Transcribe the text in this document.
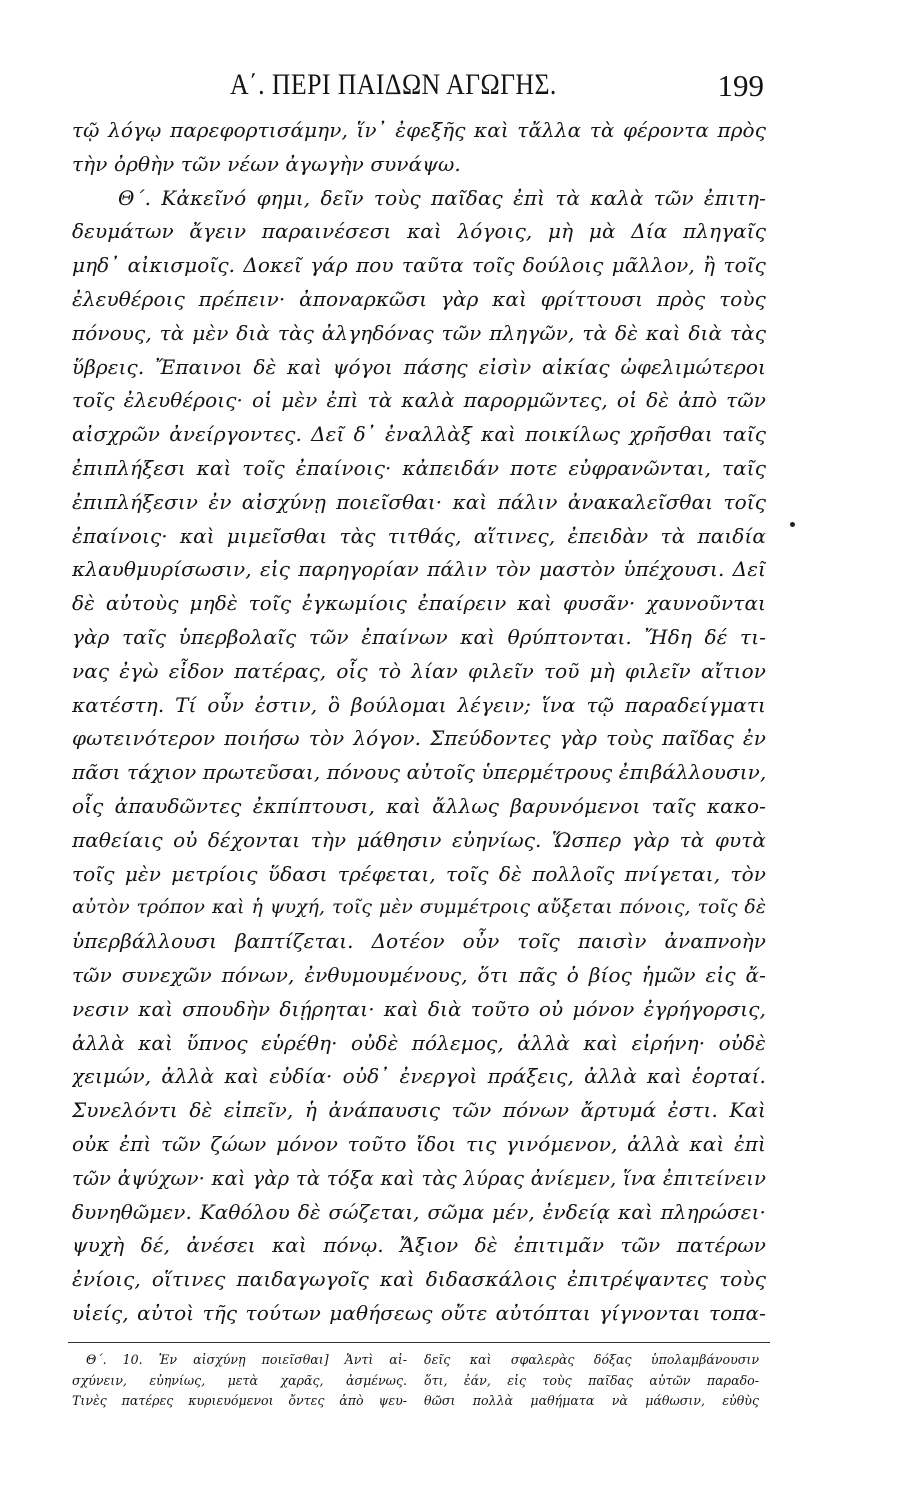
Α΄. ΠΕΡΙ ΠΑΙΔΩΝ ΑΓΩΓΗΣ.	199
τῷ λόγῳ παρεφορτισάμην, ἵν᾽ ἐφεξῆς καὶ τἄλλα τὰ φέροντα πρὸς
τὴν ὀρθὴν τῶν νέων ἀγωγὴν συνάψω.
Θ΄. Κἀκεῖνό φημι, δεῖν τοὺς παῖδας ἐπὶ τὰ καλὰ τῶν ἐπιτη-
δευμάτων ἄγειν παραινέσεσι καὶ λόγοις, μὴ μὰ Δία πληγαῖς
μηδ᾽ αἰκισμοῖς. Δοκεῖ γάρ που ταῦτα τοῖς δούλοις μᾶλλον, ἢ τοῖς
ἐλευθέροις πρέπειν· ἀποναρκῶσι γὰρ καὶ φρίττουσι πρὸς τοὺς
πόνους, τὰ μὲν διὰ τὰς ἀλγηδόνας τῶν πληγῶν, τὰ δὲ καὶ διὰ τὰς
ὕβρεις. Ἔπαινοι δὲ καὶ ψόγοι πάσης εἰσὶν αἰκίας ὠφελιμώτεροι
τοῖς ἐλευθέροις· οἱ μὲν ἐπὶ τὰ καλὰ παρορμῶντες, οἱ δὲ ἀπὸ τῶν
αἰσχρῶν ἀνείργοντες. Δεῖ δ᾽ ἐναλλὰξ καὶ ποικίλως χρῆσθαι ταῖς
ἐπιπλήξεσι καὶ τοῖς ἐπαίνοις· κἀπειδάν ποτε εὐφρανῶνται, ταῖς
ἐπιπλήξεσιν ἐν αἰσχύνῃ ποιεῖσθαι· καὶ πάλιν ἀνακαλεῖσθαι τοῖς
ἐπαίνοις· καὶ μιμεῖσθαι τὰς τιτθάς, αἵτινες, ἐπειδὰν τὰ παιδία
κλαυθμυρίσωσιν, εἰς παρηγορίαν πάλιν τὸν μαστὸν ὑπέχουσι. Δεῖ
δὲ αὐτοὺς μηδὲ τοῖς ἐγκωμίοις ἐπαίρειν καὶ φυσᾶν· χαυνοῦνται
γὰρ ταῖς ὑπερβολαῖς τῶν ἐπαίνων καὶ θρύπτονται. Ἤδη δέ τι-
νας ἐγὼ εἶδον πατέρας, οἷς τὸ λίαν φιλεῖν τοῦ μὴ φιλεῖν αἴτιον
κατέστη. Τί οὖν ἐστιν, ὃ βούλομαι λέγειν; ἵνα τῷ παραδείγματι
φωτεινότερον ποιήσω τὸν λόγον. Σπεύδοντες γὰρ τοὺς παῖδας ἐν
πᾶσι τάχιον πρωτεῦσαι, πόνους αὐτοῖς ὑπερμέτρους ἐπιβάλλουσιν,
οἷς ἀπαυδῶντες ἐκπίπτουσι, καὶ ἄλλως βαρυνόμενοι ταῖς κακο-
παθείαις οὐ δέχονται τὴν μάθησιν εὐηνίως. Ὥσπερ γὰρ τὰ φυτὰ
τοῖς μὲν μετρίοις ὕδασι τρέφεται, τοῖς δὲ πολλοῖς πνίγεται, τὸν
αὐτὸν τρόπον καὶ ἡ ψυχή, τοῖς μὲν συμμέτροις αὔξεται πόνοις, τοῖς δὲ
ὑπερβάλλουσι βαπτίζεται. Δοτέον οὖν τοῖς παισὶν ἀναπνοὴν
τῶν συνεχῶν πόνων, ἐνθυμουμένους, ὅτι πᾶς ὁ βίος ἡμῶν εἰς ἄ-
νεσιν καὶ σπουδὴν διῄρηται· καὶ διὰ τοῦτο οὐ μόνον ἐγρήγορσις,
ἀλλὰ καὶ ὕπνος εὑρέθη· οὐδὲ πόλεμος, ἀλλὰ καὶ εἰρήνη· οὐδὲ
χειμών, ἀλλὰ καὶ εὐδία· οὐδ᾽ ἐνεργοὶ πράξεις, ἀλλὰ καὶ ἑορταί.
Συνελόντι δὲ εἰπεῖν, ἡ ἀνάπαυσις τῶν πόνων ἄρτυμά ἐστι. Καὶ
οὐκ ἐπὶ τῶν ζώων μόνον τοῦτο ἴδοι τις γινόμενον, ἀλλὰ καὶ ἐπὶ
τῶν ἀψύχων· καὶ γὰρ τὰ τόξα καὶ τὰς λύρας ἀνίεμεν, ἵνα ἐπιτείνειν
δυνηθῶμεν. Καθόλου δὲ σώζεται, σῶμα μέν, ἐνδείᾳ καὶ πληρώσει·
ψυχὴ δέ, ἀνέσει καὶ πόνῳ. Ἄξιον δὲ ἐπιτιμᾶν τῶν πατέρων
ἐνίοις, οἵτινες παιδαγωγοῖς καὶ διδασκάλοις ἐπιτρέψαντες τοὺς
υἱείς, αὐτοὶ τῆς τούτων μαθήσεως οὔτε αὐτόπται γίγνονται τοπα-
Θ΄. 10. Ἐν αἰσχύνῃ ποιεῖσθαι] Ἀντὶ αἰ-
σχύνειν, εὐηνίως, μετὰ χαρᾶς, ἀσμένως.
Τινὲς πατέρες κυριευόμενοι ὄντες ἀπὸ ψευ-
δεῖς καὶ σφαλερὰς δόξας ὑπολαμβάνουσιν
ὅτι, ἐάν, εἰς τοὺς παῖδας αὐτῶν παραδο-
θῶσι πολλὰ μαθήματα νὰ μάθωσιν, εὐθὺς
